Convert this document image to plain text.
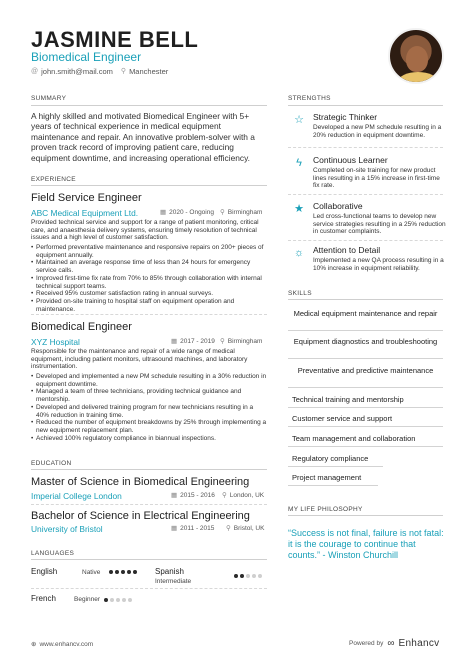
JASMINE BELL
Biomedical Engineer
@ john.smith@mail.com ⚲ Manchester
SUMMARY
A highly skilled and motivated Biomedical Engineer with 5+ years of technical experience in medical equipment maintenance and repair. An innovative problem-solver with a proven track record of improving patient care, reducing equipment downtime, and increasing operational efficiency.
EXPERIENCE
Field Service Engineer
ABC Medical Equipment Ltd.	▦ 2020 - Ongoing ⚲ Birmingham
Provided technical service and support for a range of patient monitoring, critical care, and anaesthesia delivery systems, ensuring timely resolution of technical issues and a high level of customer satisfaction.
• Performed preventative maintenance and responsive repairs on 200+ pieces of equipment annually.
• Maintained an average response time of less than 24 hours for emergency service calls.
• Improved first-time fix rate from 70% to 85% through collaboration with internal technical support teams.
• Received 95% customer satisfaction rating in annual surveys.
• Provided on-site training to hospital staff on equipment operation and maintenance.
Biomedical Engineer
XYZ Hospital	▦ 2017 - 2019 ⚲ Birmingham
Responsible for the maintenance and repair of a wide range of medical equipment, including patient monitors, ultrasound machines, and laboratory instrumentation.
• Developed and implemented a new PM schedule resulting in a 30% reduction in equipment downtime.
• Managed a team of three technicians, providing technical guidance and mentorship.
• Developed and delivered training program for new technicians resulting in a 40% reduction in training time.
• Reduced the number of equipment breakdowns by 25% through implementing a new equipment replacement plan.
• Achieved 100% regulatory compliance in biannual inspections.
EDUCATION
Master of Science in Biomedical Engineering
Imperial College London	▦ 2015 - 2016 ⚲ London, UK
Bachelor of Science in Electrical Engineering
University of Bristol	▦ 2011 - 2015 ⚲ Bristol, UK
LANGUAGES
English	Native	Spanish
Intermediate
French	Beginner
STRENGTHS
☆	Strategic Thinker
Developed a new PM schedule resulting in a 20% reduction in equipment downtime.
ϟ	Continuous Learner
Completed on-site training for new product lines resulting in a 15% increase in first-time fix rate.
★	Collaborative
Led cross-functional teams to develop new service strategies resulting in a 25% reduction in customer complaints.
☼	Attention to Detail
Implemented a new QA process resulting in a 10% increase in equipment reliability.
SKILLS
Medical equipment maintenance and repair
Equipment diagnostics and troubleshooting
Preventative and predictive maintenance
Technical training and mentorship
Customer service and support
Team management and collaboration
Regulatory compliance
Project management
MY LIFE PHILOSOPHY
“Success is not final, failure is not fatal: it is the courage to continue that counts.” - Winston Churchill
⊕ www.enhancv.com	Powered by ∞ Enhancv
